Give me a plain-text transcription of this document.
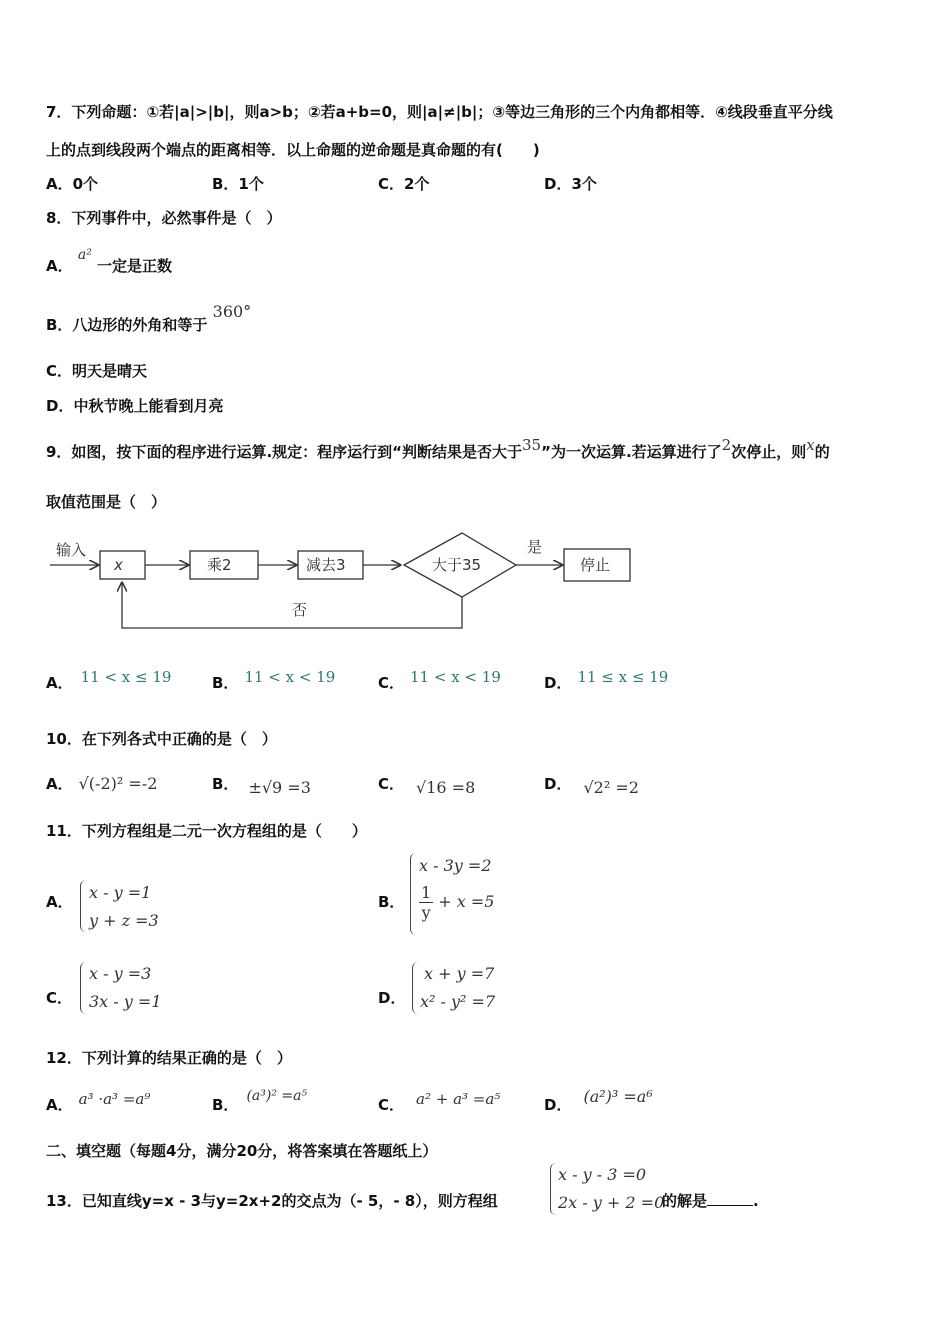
7．下列命题：①若|a|>|b|，则a>b；②若a+b=0，则|a|≠|b|；③等边三角形的三个内角都相等．④线段垂直平分线
上的点到线段两个端点的距离相等．以上命题的逆命题是真命题的有(　　)
A．0个	B．1个	C．2个	D．3个
8．下列事件中，必然事件是（　）
A． a² 一定是正数
B．八边形的外角和等于 360°
C．明天是晴天
D．中秋节晚上能看到月亮
9．如图，按下面的程序进行运算.规定：程序运行到“判断结果是否大于35”为一次运算.若运算进行了2次停止，则x的
取值范围是（　）
输入
x	乘2	减去3	大于35
是
停止
否
A． 11 < x ≤ 19	B． 11 < x < 19	C． 11 < x < 19	D． 11 ≤ x ≤ 19
10．在下列各式中正确的是（　）
A． √(-2)² =-2	B． ±√9 =3	C． √16 =8	D． √2² =2
11．下列方程组是二元一次方程组的是（　　）
A． x - y =1
y + z =3
B．
x - 3y =2
$\frac{1}{y} + x =5$
C．
x - y =3
3x - y =1	D．
x + y =7
x² - y² =7
12．下列计算的结果正确的是（　）
A． a³ ·a³ =a⁹	B． (a³)² =a⁵	C． a² + a³ =a⁵	D． (a²)³ =a⁶
二、填空题（每题4分，满分20分，将答案填在答题纸上）
13．已知直线y=x - 3与y=2x+2的交点为（- 5，- 8），则方程组
x - y - 3 =0
2x - y + 2 =0
的解是	.
